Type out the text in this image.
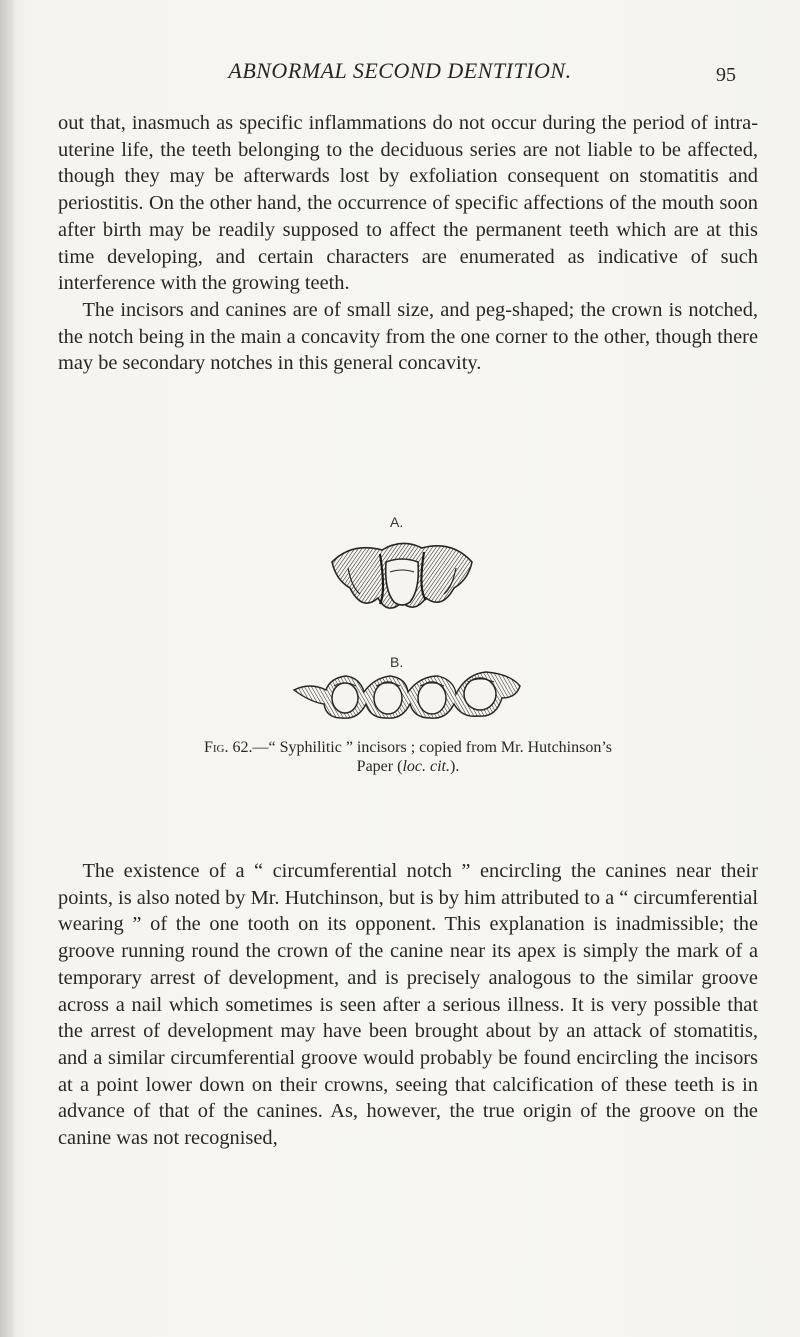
ABNORMAL SECOND DENTITION.	95
out that, inasmuch as specific inflammations do not occur during the period of intra-uterine life, the teeth belonging to the deciduous series are not liable to be affected, though they may be afterwards lost by exfoliation consequent on stomatitis and periostitis. On the other hand, the occurrence of specific affections of the mouth soon after birth may be readily supposed to affect the permanent teeth which are at this time developing, and certain characters are enumerated as indicative of such interference with the growing teeth.
The incisors and canines are of small size, and peg-shaped; the crown is notched, the notch being in the main a concavity from the one corner to the other, though there may be secondary notches in this general concavity.
A.
B.

Fig. 62.—“ Syphilitic ” incisors ; copied from Mr. Hutchinson’s
Paper (loc. cit.).

The existence of a “ circumferential notch ” encircling the canines near their points, is also noted by Mr. Hutchinson, but is by him attributed to a “ circumferential wearing ” of the one tooth on its opponent. This explanation is inadmissible; the groove running round the crown of the canine near its apex is simply the mark of a temporary arrest of development, and is precisely analogous to the similar groove across a nail which sometimes is seen after a serious illness. It is very possible that the arrest of development may have been brought about by an attack of stomatitis, and a similar circumferential groove would probably be found encircling the incisors at a point lower down on their crowns, seeing that calcification of these teeth is in advance of that of the canines. As, however, the true origin of the groove on the canine was not recognised,
